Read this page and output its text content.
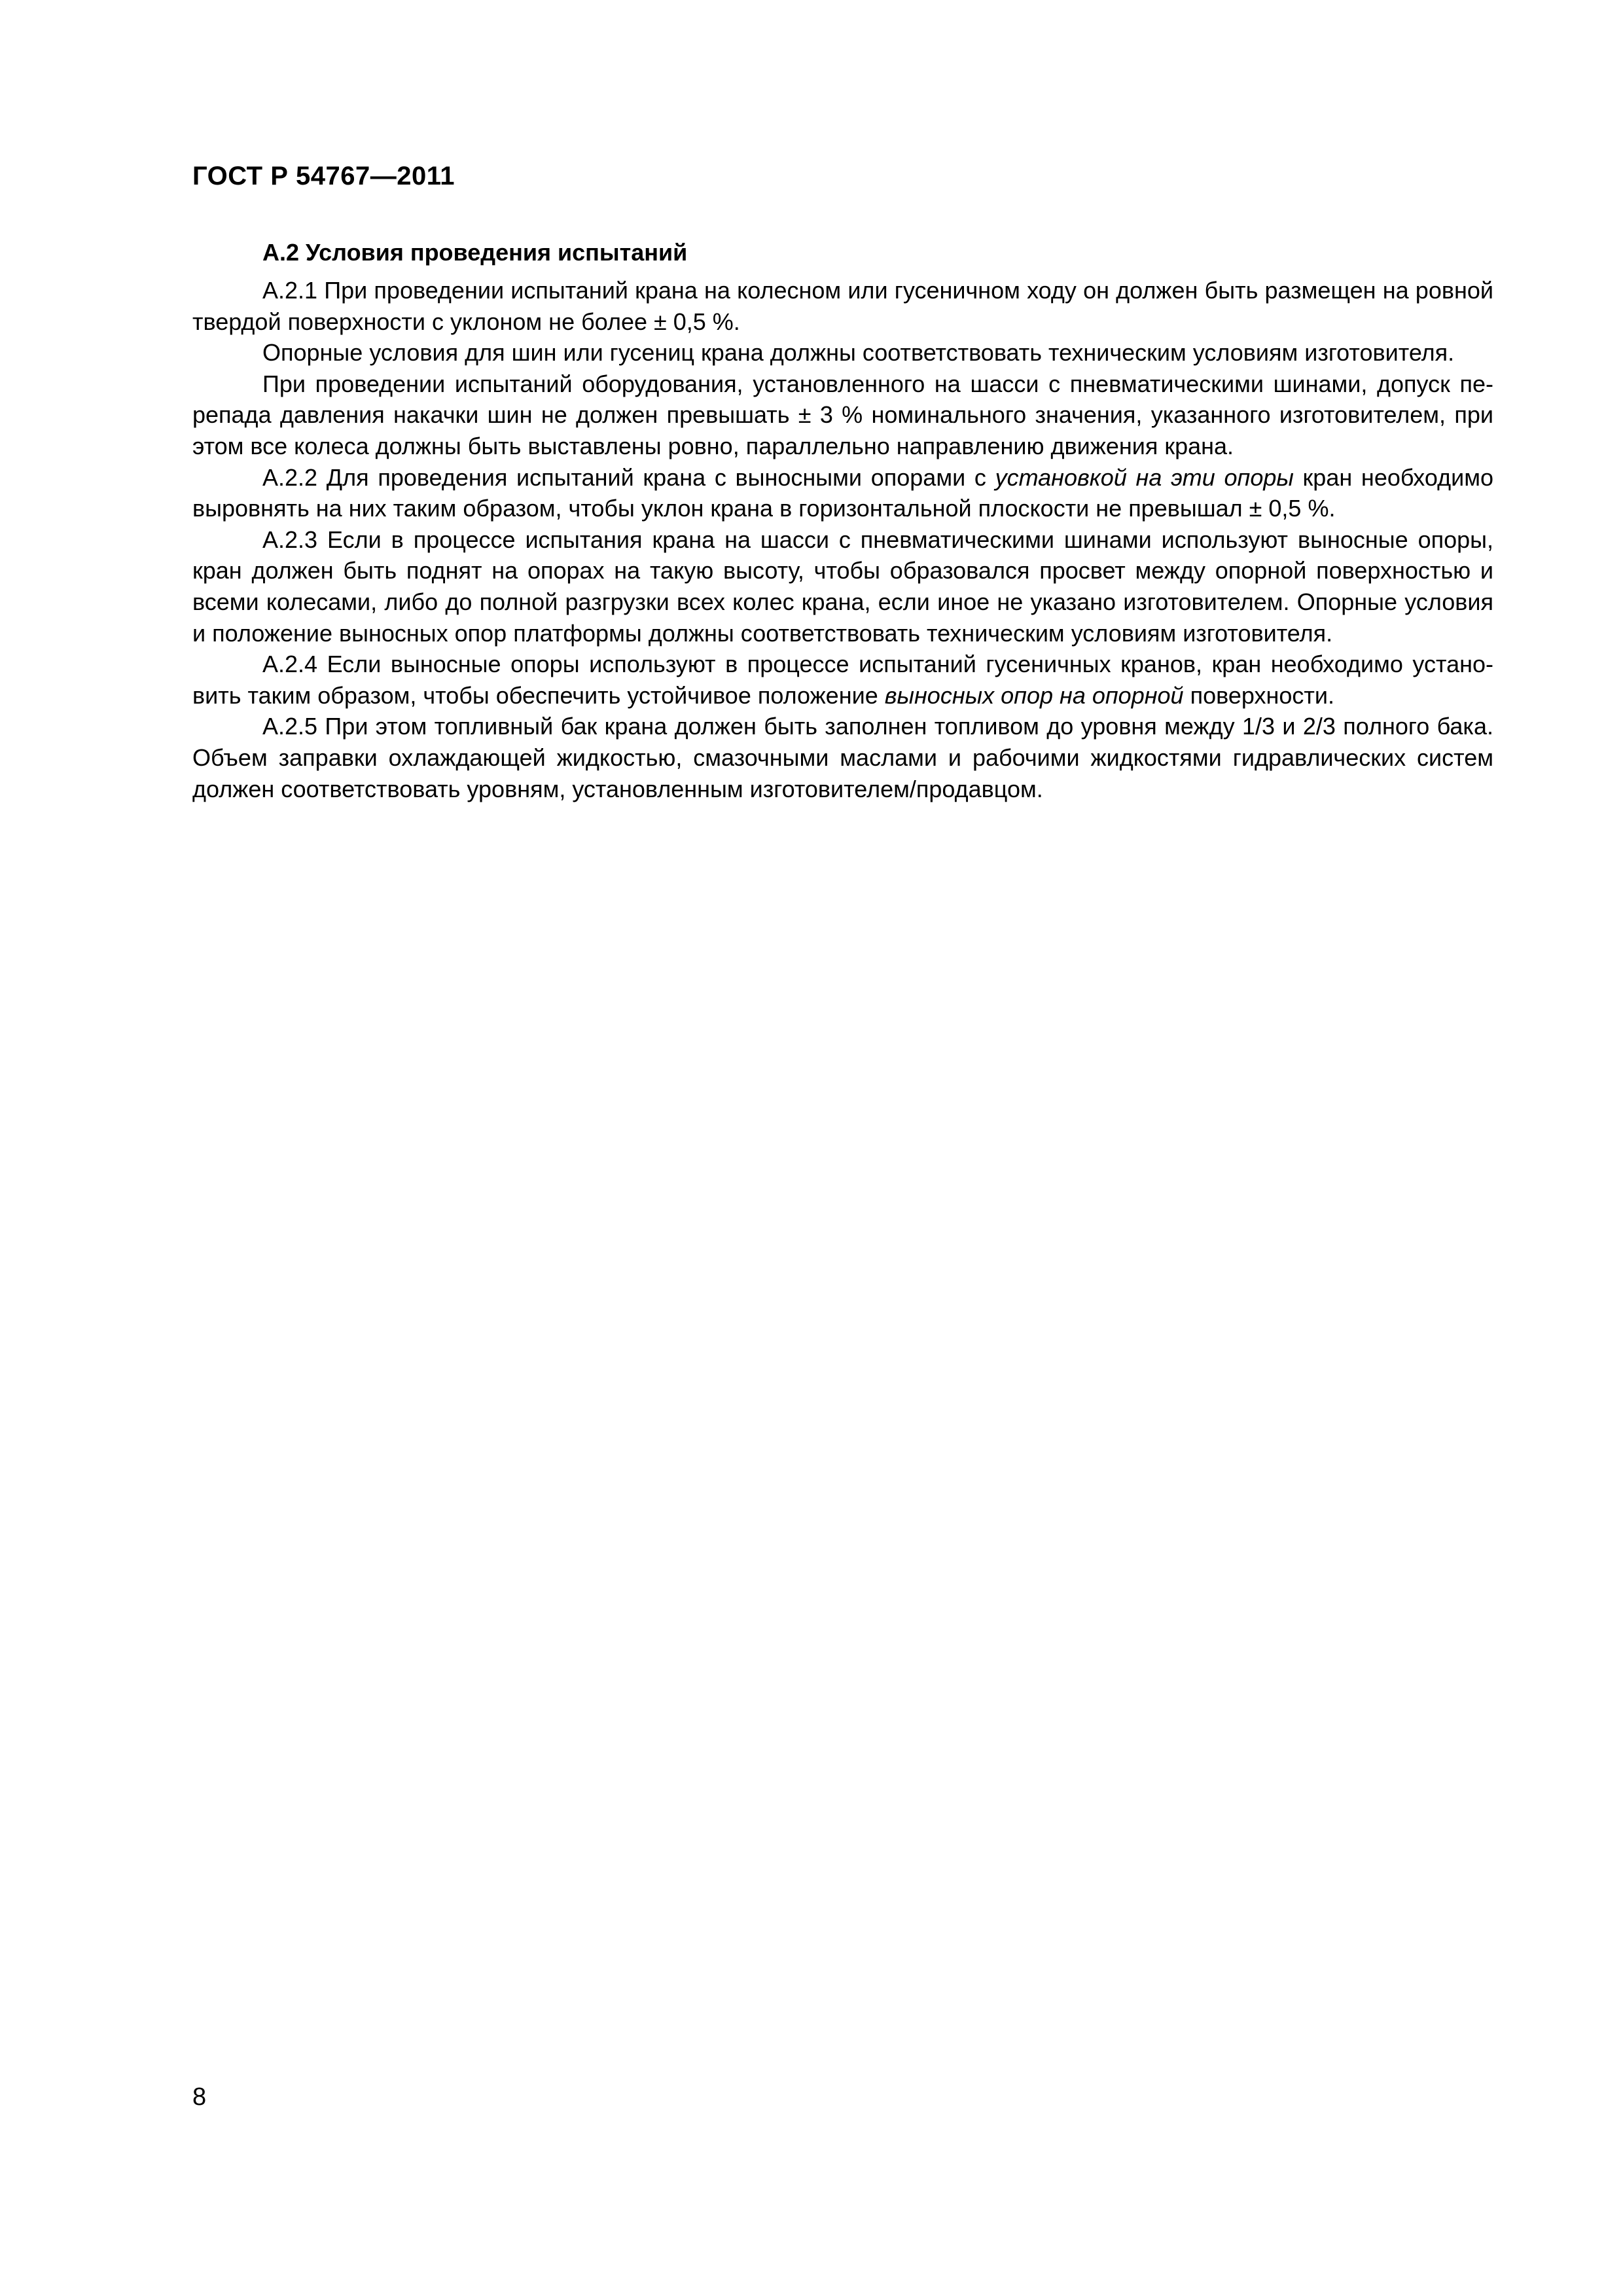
ГОСТ Р 54767—2011
А.2 Условия проведения испытаний

А.2.1 При проведении испытаний крана на колесном или гусеничном ходу он должен быть размещен на ровной твердой поверхности с уклоном не более ± 0,5 %.

Опорные условия для шин или гусениц крана должны соответствовать техническим условиям изготовителя.

При проведении испытаний оборудования, установленного на шасси с пневматическими шинами, допуск перепада давления накачки шин не должен превышать ± 3 % номинального значения, указанного изготовителем, при этом все колеса должны быть выставлены ровно, параллельно направлению движения крана.

А.2.2 Для проведения испытаний крана с выносными опорами с установкой на эти опоры кран необходимо выровнять на них таким образом, чтобы уклон крана в горизонтальной плоскости не превышал ± 0,5 %.

А.2.3 Если в процессе испытания крана на шасси с пневматическими шинами используют выносные опоры, кран должен быть поднят на опорах на такую высоту, чтобы образовался просвет между опорной поверхностью и всеми колесами, либо до полной разгрузки всех колес крана, если иное не указано изготовителем. Опорные условия и положение выносных опор платформы должны соответствовать техническим условиям изготовителя.

А.2.4 Если выносные опоры используют в процессе испытаний гусеничных кранов, кран необходимо установить таким образом, чтобы обеспечить устойчивое положение выносных опор на опорной поверхности.

А.2.5 При этом топливный бак крана должен быть заполнен топливом до уровня между 1/3 и 2/3 полного бака. Объем заправки охлаждающей жидкостью, смазочными маслами и рабочими жидкостями гидравлических систем должен соответствовать уровням, установленным изготовителем/продавцом.

8
